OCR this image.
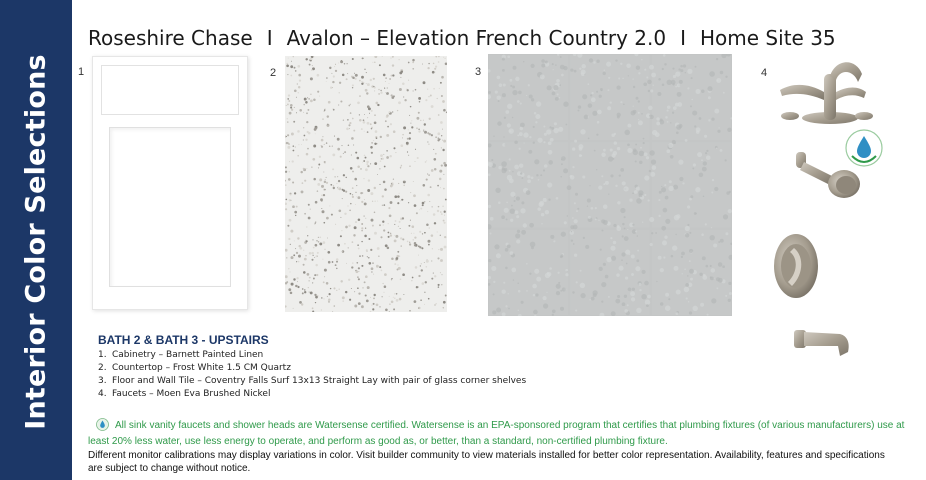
Interior Color Selections
Roseshire Chase I Avalon – Elevation French Country 2.0 I Home Site 35
1	2	3	4
BATH 2 & BATH 3 - UPSTAIRS
1. Cabinetry – Barnett Painted Linen
2. Countertop – Frost White 1.5 CM Quartz
3. Floor and Wall Tile – Coventry Falls Surf 13x13 Straight Lay with pair of glass corner shelves
4. Faucets – Moen Eva Brushed Nickel
All sink vanity faucets and shower heads are Watersense certified. Watersense is an EPA-sponsored program that certifies that plumbing fixtures (of various manufacturers) use at least 20% less water, use less energy to operate, and perform as good as, or better, than a standard, non-certified plumbing fixture.
Different monitor calibrations may display variations in color. Visit builder community to view materials installed for better color representation. Availability, features and specifications are subject to change without notice.
